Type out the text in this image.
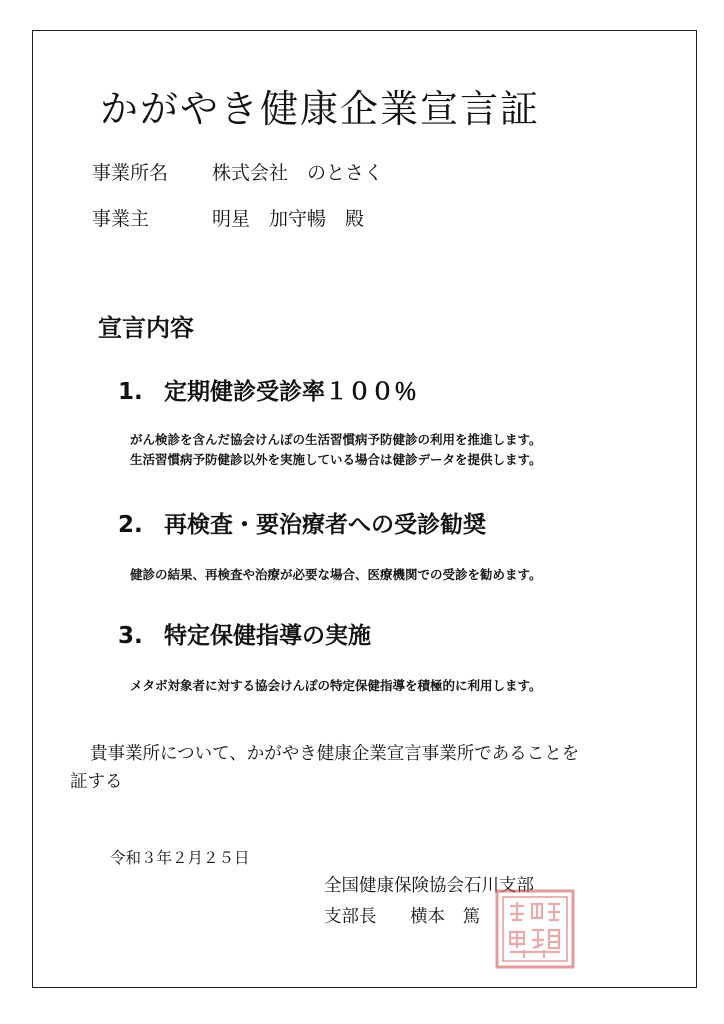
かがやき健康企業宣言証
事業所名 株式会社　のとさく
事業主	明星　加守暢　殿
宣言内容
1. 定期健診受診率１００％
がん検診を含んだ協会けんぽの生活習慣病予防健診の利用を推進します。
生活習慣病予防健診以外を実施している場合は健診データを提供します。
2. 再検査・要治療者への受診勧奨
健診の結果、再検査や治療が必要な場合、医療機関での受診を勧めます。
3. 特定保健指導の実施
メタボ対象者に対する協会けんぽの特定保健指導を積極的に利用します。
貴事業所について、かがやき健康企業宣言事業所であることを
証する
令和３年２月２５日
全国健康保険協会石川支部
支部長 横本　篤
